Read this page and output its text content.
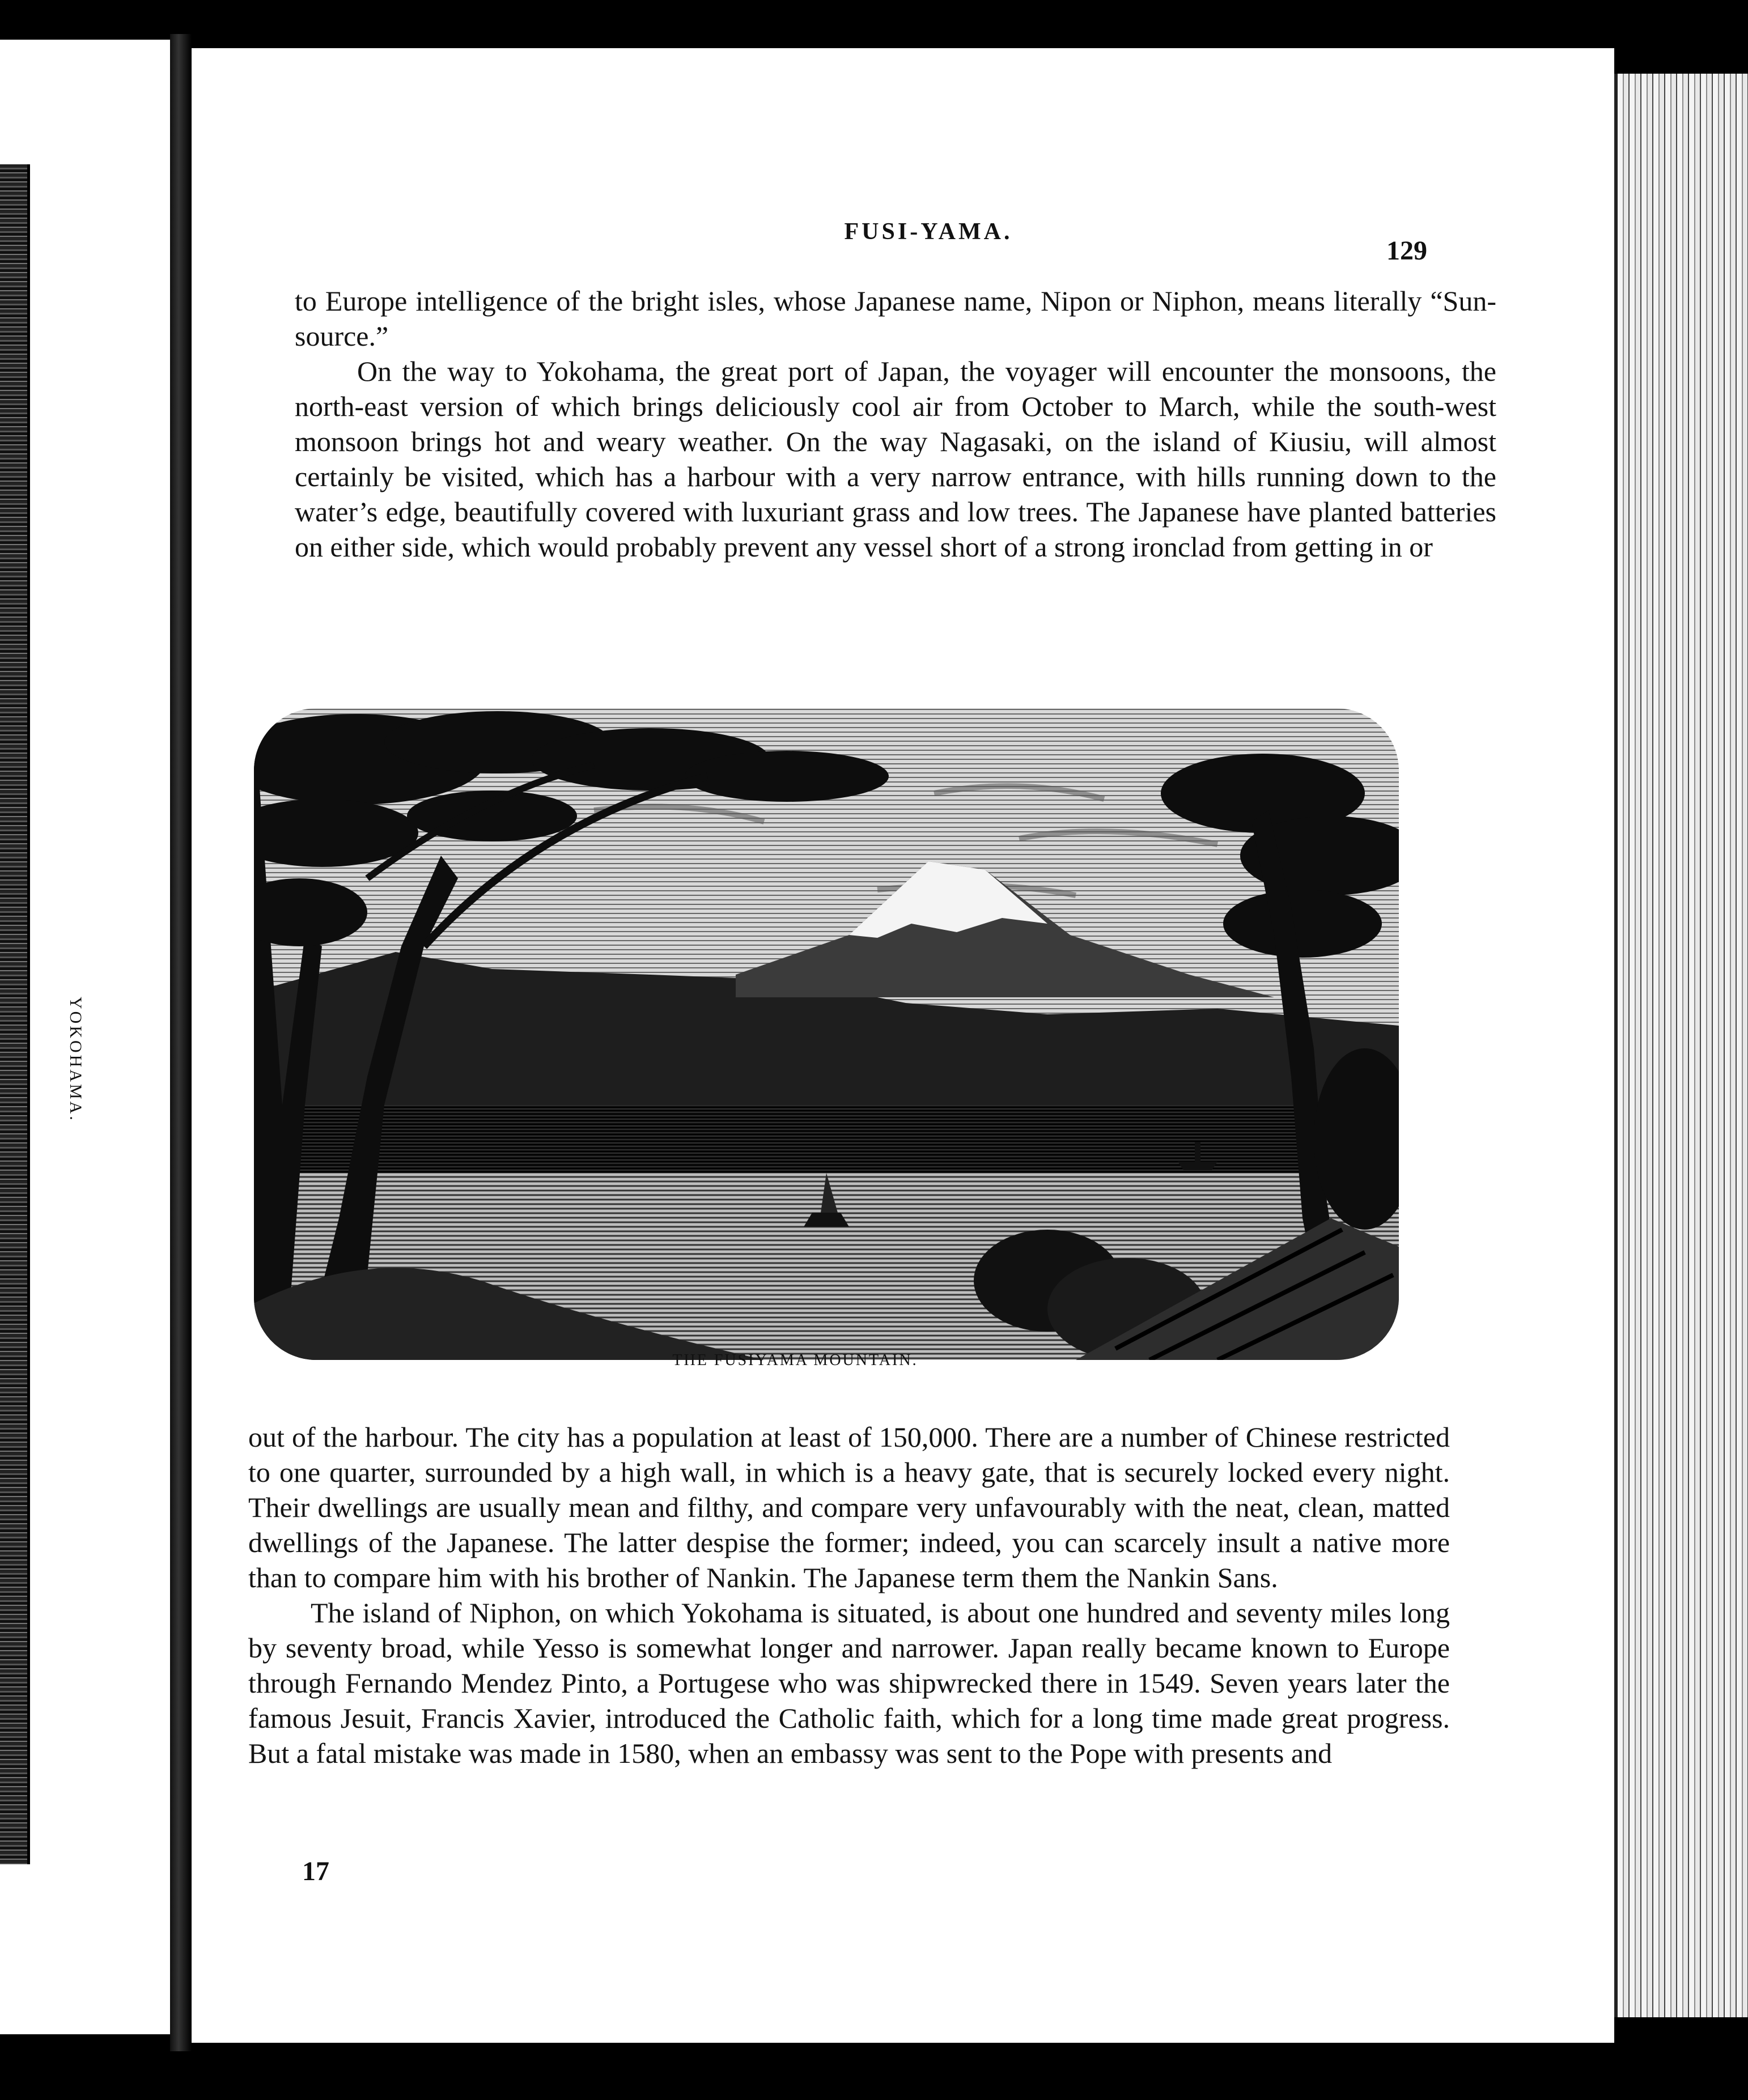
YOKOHAMA.
FUSI-YAMA.
129

to Europe intelligence of the bright isles, whose Japanese name, Nipon or Niphon, means literally “Sun-source.”

On the way to Yokohama, the great port of Japan, the voyager will encounter the monsoons, the north-east version of which brings deliciously cool air from October to March, while the south-west monsoon brings hot and weary weather. On the way Nagasaki, on the island of Kiusiu, will almost certainly be visited, which has a harbour with a very narrow entrance, with hills running down to the water’s edge, beautifully covered with luxuriant grass and low trees. The Japanese have planted batteries on either side, which would probably prevent any vessel short of a strong ironclad from getting in or

THE FUSIYAMA MOUNTAIN.

out of the harbour. The city has a population at least of 150,000. There are a number of Chinese restricted to one quarter, surrounded by a high wall, in which is a heavy gate, that is securely locked every night. Their dwellings are usually mean and filthy, and compare very unfavourably with the neat, clean, matted dwellings of the Japanese. The latter despise the former; indeed, you can scarcely insult a native more than to compare him with his brother of Nankin. The Japanese term them the Nankin Sans.

The island of Niphon, on which Yokohama is situated, is about one hundred and seventy miles long by seventy broad, while Yesso is somewhat longer and narrower. Japan really became known to Europe through Fernando Mendez Pinto, a Portugese who was shipwrecked there in 1549. Seven years later the famous Jesuit, Francis Xavier, introduced the Catholic faith, which for a long time made great progress. But a fatal mistake was made in 1580, when an embassy was sent to the Pope with presents and

17
